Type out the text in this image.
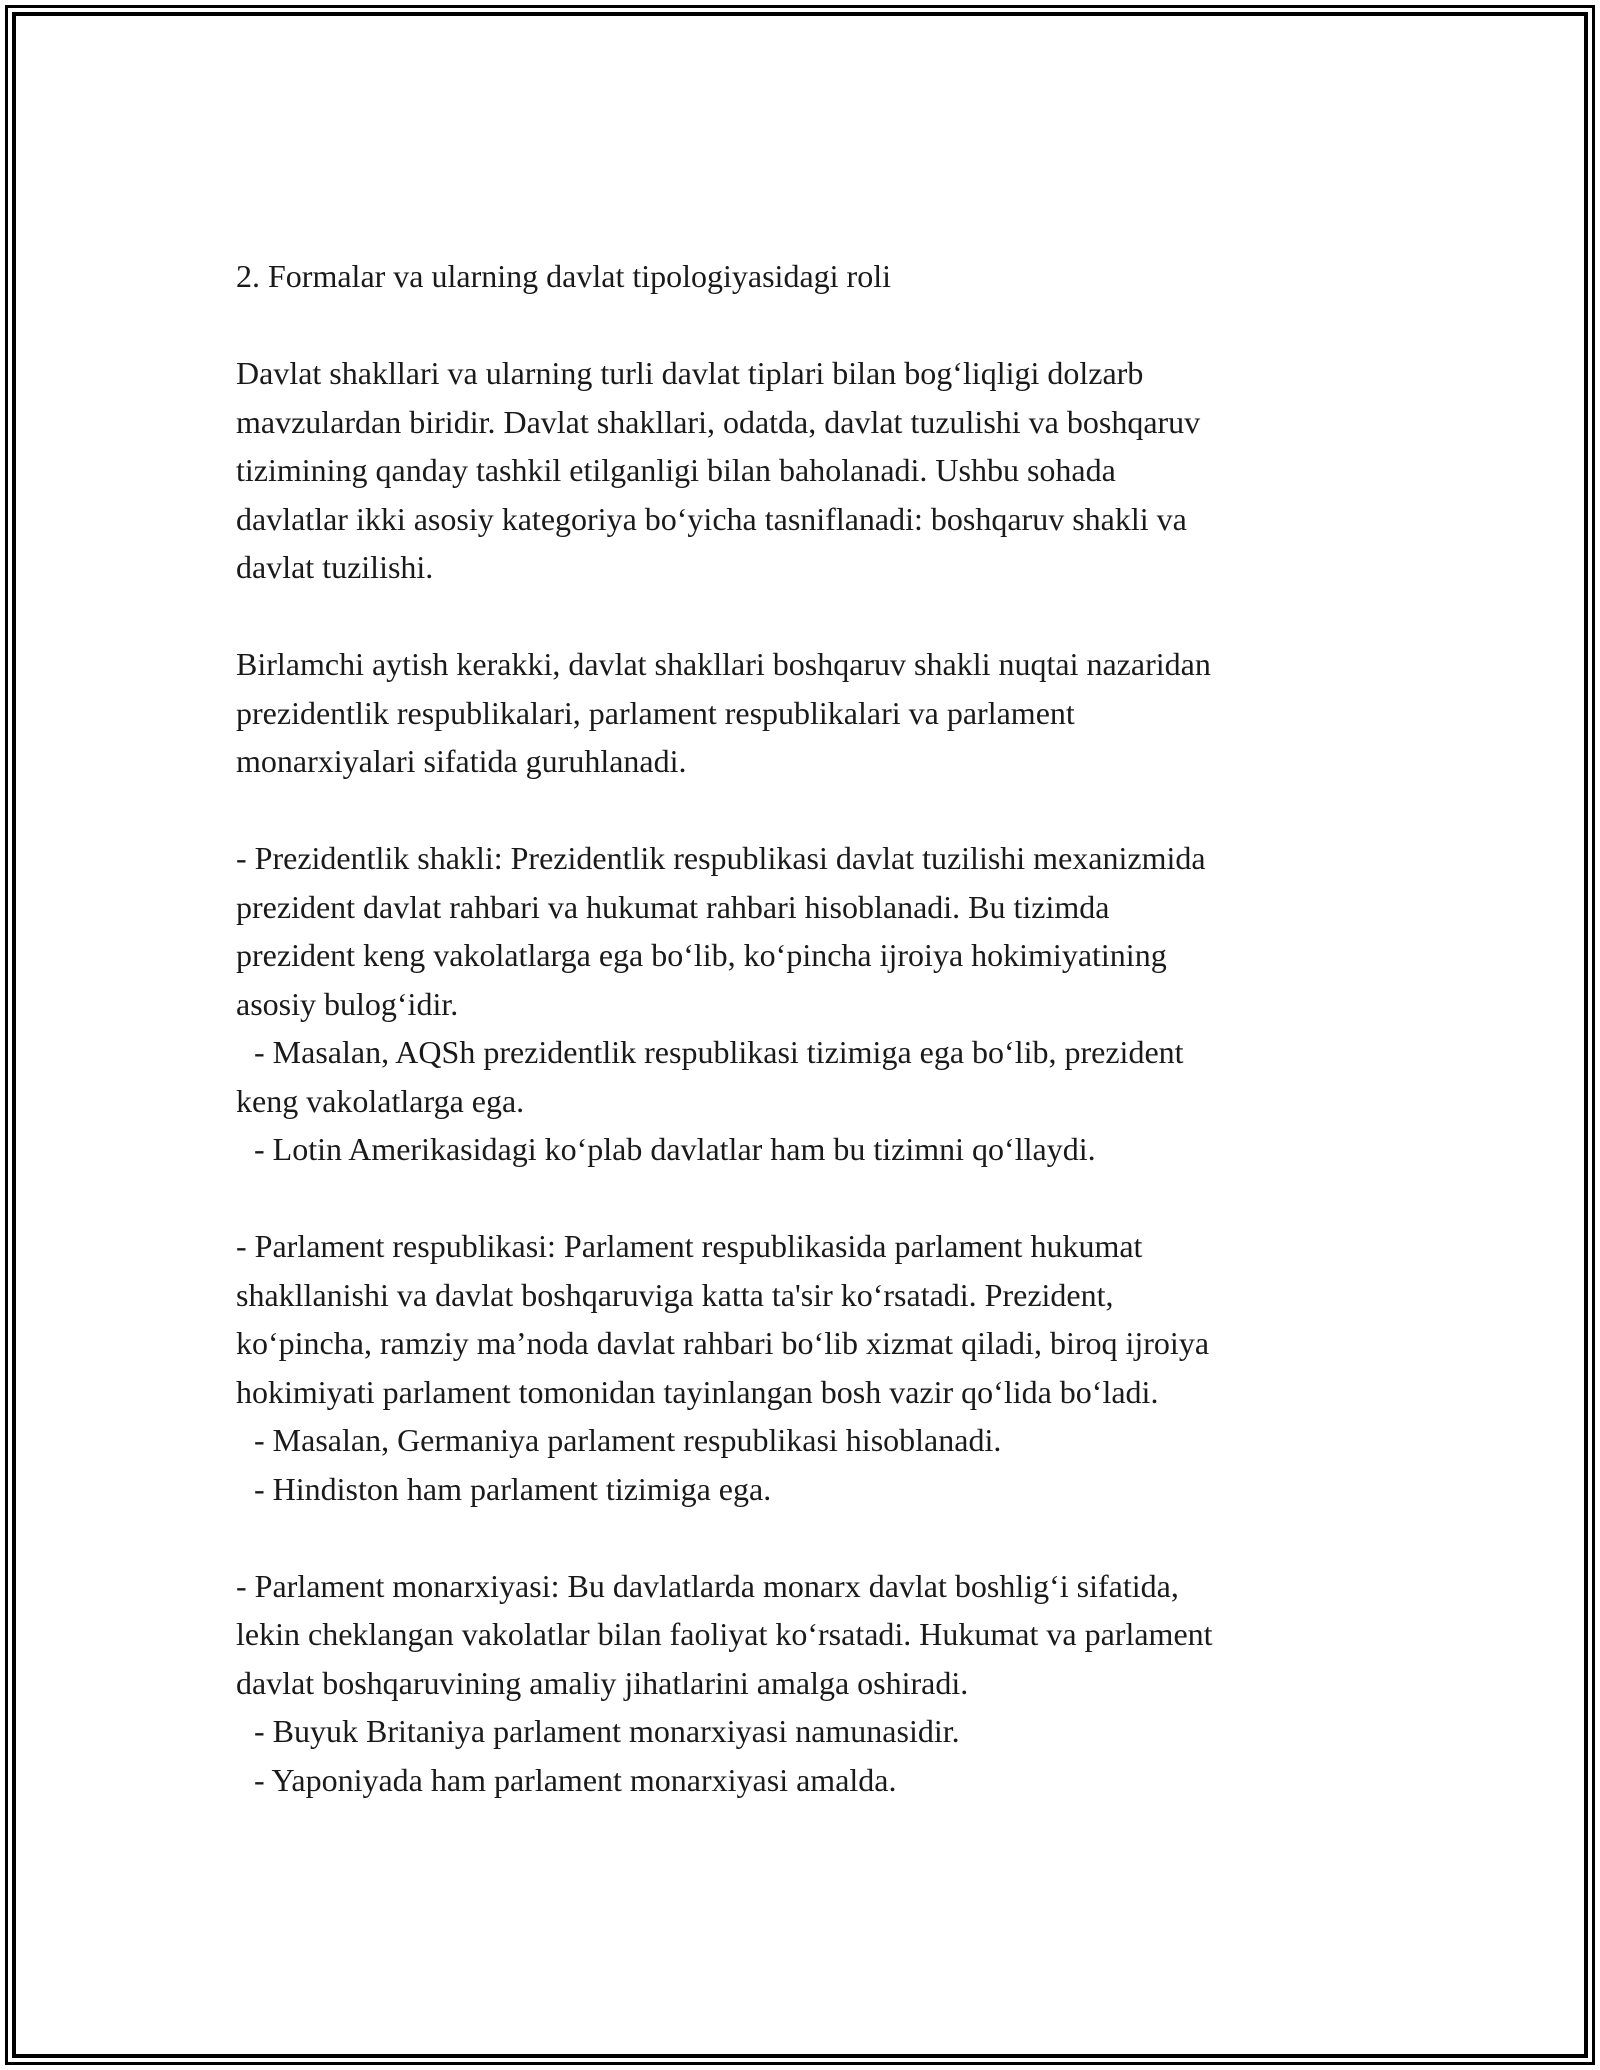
2. Formalar va ularning davlat tipologiyasidagi roli

Davlat shakllari va ularning turli davlat tiplari bilan bog‘liqligi dolzarb

mavzulardan biridir. Davlat shakllari, odatda, davlat tuzulishi va boshqaruv

tizimining qanday tashkil etilganligi bilan baholanadi. Ushbu sohada

davlatlar ikki asosiy kategoriya bo‘yicha tasniflanadi: boshqaruv shakli va

davlat tuzilishi.

Birlamchi aytish kerakki, davlat shakllari boshqaruv shakli nuqtai nazaridan

prezidentlik respublikalari, parlament respublikalari va parlament

monarxiyalari sifatida guruhlanadi.

- Prezidentlik shakli: Prezidentlik respublikasi davlat tuzilishi mexanizmida

prezident davlat rahbari va hukumat rahbari hisoblanadi. Bu tizimda

prezident keng vakolatlarga ega bo‘lib, ko‘pincha ijroiya hokimiyatining

asosiy bulog‘idir.

- Masalan, AQSh prezidentlik respublikasi tizimiga ega bo‘lib, prezident

keng vakolatlarga ega.

- Lotin Amerikasidagi ko‘plab davlatlar ham bu tizimni qo‘llaydi.

- Parlament respublikasi: Parlament respublikasida parlament hukumat

shakllanishi va davlat boshqaruviga katta ta'sir ko‘rsatadi. Prezident,

ko‘pincha, ramziy ma’noda davlat rahbari bo‘lib xizmat qiladi, biroq ijroiya

hokimiyati parlament tomonidan tayinlangan bosh vazir qo‘lida bo‘ladi.

- Masalan, Germaniya parlament respublikasi hisoblanadi.

- Hindiston ham parlament tizimiga ega.

- Parlament monarxiyasi: Bu davlatlarda monarx davlat boshlig‘i sifatida,

lekin cheklangan vakolatlar bilan faoliyat ko‘rsatadi. Hukumat va parlament

davlat boshqaruvining amaliy jihatlarini amalga oshiradi.

- Buyuk Britaniya parlament monarxiyasi namunasidir.

- Yaponiyada ham parlament monarxiyasi amalda.
